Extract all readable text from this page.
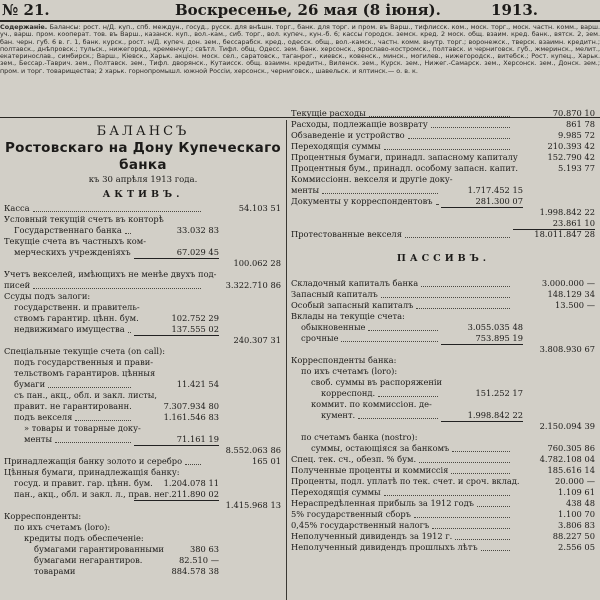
№ 21.	Воскресенье, 26 мая (8 іюня).	1913.
Содержаніе. Балансы: рост. н/Д. куп., спб. междун., госуд., русск. для внѣшн. торг., банк. для торг. и пром. въ Варш., тифлисск. ком., моск. торг., моск. частн. комм., варш. уч., варш. пром. кооперат. тов. въ Варш., казанск. куп., вол.-кам., сиб. торг., вол. купеч., кун.-б. 6; кассы городск. земск. кред. 2 моск. общ. взаим. кред. банк., вятск. 2, зем. бан. черн. губ. 6 в. г. 1, банк. курск., рост. н/Д. купеч. дон. зем., бессарабск. кред., одесск. общ., вол.-камск., частн. комм. внутр. торг.; воронежск., тверск. взаимн. кредитн.; полтавск., днѣпровск.; тульск., нижегород., кременчуг.; свѣтл. Тифл. общ. Одесс. зем. банк. херсонск., ярославо-костромск., полтавск. и черниговск. губ., жмеринск., мелит., екатеринослав., симбирск.; Варш., Кіевск., Харьк. акціон. моск. сел., саратовск., таганрог., киевск., ковенск., минск., могилев., нижегородск., витебск.; Рост. купец., Харьк. зем., Бессар.-Таврич. зем., Полтавск. зем., Тифл. дворянск., Кутаисск. общ. взаимн. кредитн., Виленск. зем., Курск. зем., Нижег.-Самарск. зем., Херсонск. зем., Донск. зем.; пром. и торг. товарищества; 2 харьк. горнопромышл. южной Россіи, херсонск., черниговск., шавельск. и ялтинск.— о. в. к.
БАЛАНСЪ
Ростовскаго на Дону Купеческаго банка
къ 30 апрѣля 1913 года.
АКТИВЪ.
Касса	54.103 51
Условный текущій счетъ въ конторѣ
Государственнаго банка	33.032 83
Текущіе счета въ частныхъ ком-
мерческихъ учрежденіяхъ	67.029 45
100.062 28
Учетъ векселей, имѣющихъ не менѣе двухъ под-
писей	3.322.710 86
Ссуды подъ залоги:
государственн. и правитель-
ствомъ гарантир. цѣнн. бум.	102.752 29
недвижимаго имущества	137.555 02
240.307 31
Спеціальные текущіе счета (on call):
подъ государственныя и прави-
тельствомъ гарантиров. цѣнныя
бумаги	11.421 54
съ пан., акц., обл. и закл. листы,
правит. не гарантированн.	7.307.934 80
подъ векселя	1.161.546 83
» товары и товарные доку-
менты	71.161 19
8.552.063 86
Принадлежащія банку золото и серебро	165 01
Цѣнныя бумаги, принадлежащія банку:
госуд. и правит. гар. цѣнн. бум.	1.204.078 11
пан., акц., обл. и закл. л., прав. нег. 211.890 02
1.415.968 13
Корреспонденты:
по ихъ счетамъ (loro):
кредиты подъ обеспеченіе:
бумагами гарантированными	380 63
бумагами негарантиров.	82.510 —
товарами	884.578 38
Текущіе расходы	70.870 10
Расходы, подлежащіе возврату	861 78
Обзаведеніе и устройство	9.985 72
Переходящія суммы	210.393 42
Процентныя бумаги, принадл. запасному капиталу	152.790 42
Процентныя бум., принадл. особому запасн. капит.	5.193 77
Коммиссіонн. векселя и другіе доку-
менты	1.717.452 15
Документы у корреспондентовъ	281.300 07
1.998.842 22
23.861 10
Протестованные векселя	18.011.847 28
ПАССИВЪ.
Складочный капиталъ банка	3.000.000 —
Запасный капиталъ	148.129 34
Особый запасный капиталъ	13.500 —
Вклады на текущіе счета:
обыкновенные	3.055.035 48
срочные	753.895 19
3.808.930 67
Корреспонденты банка:
по ихъ счетамъ (loro):
своб. суммы въ распоряженіи
корреспонд.	151.252 17
коммит. по коммиссіон. де-
кумент.	1.998.842 22
2.150.094 39
по счетамъ банка (nostro):
суммы, остающіяся за банкомъ	760.305 86
Спец. тек. сч., обезп. % бум.	4.782.108 04
Полученные проценты и коммиссія	185.616 14
Проценты, подл. уплатѣ по тек. счет. и сроч. вклад.	20.000 —
Переходящія суммы	1.109 61
Нераспредѣленная прибыль за 1912 годъ	438 48
5% государственный сборъ	1.100 70
0,45% государственный налогъ	3.806 83
Неполученный дивидендъ за 1912 г.	88.227 50
Неполученный дивидендъ прошлыхъ лѣтъ	2.556 05
